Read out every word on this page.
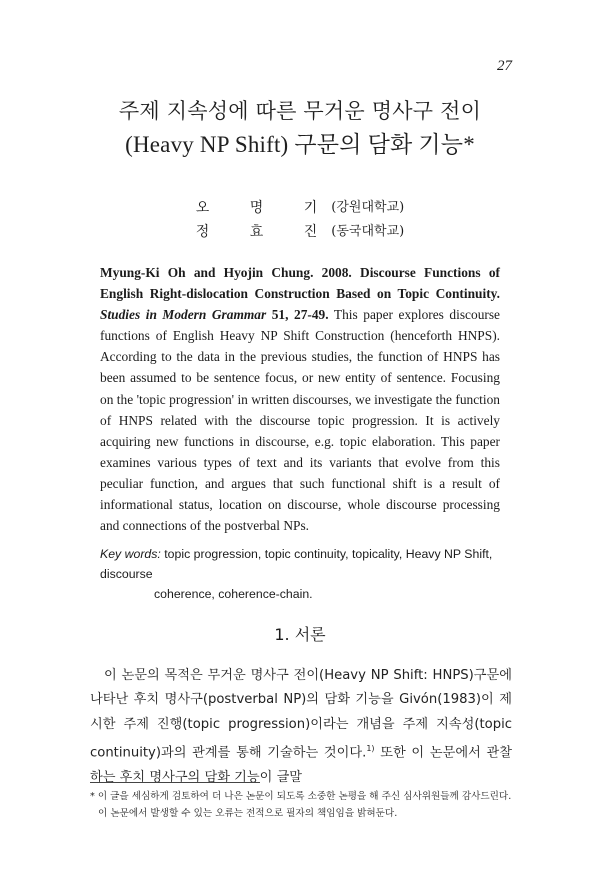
27
주제 지속성에 따른 무거운 명사구 전이
(Heavy NP Shift) 구문의 담화 기능*
오 명 기
(강원대학교)
정 효 진
(동국대학교)
Myung-Ki Oh and Hyojin Chung. 2008. Discourse Functions of English Right-dislocation Construction Based on Topic Continuity. Studies in Modern Grammar 51, 27-49. This paper explores discourse functions of English Heavy NP Shift Construction (henceforth HNPS). According to the data in the previous studies, the function of HNPS has been assumed to be sentence focus, or new entity of sentence. Focusing on the 'topic progression' in written discourses, we investigate the function of HNPS related with the discourse topic progression. It is actively acquiring new functions in discourse, e.g. topic elaboration. This paper examines various types of text and its variants that evolve from this peculiar function, and argues that such functional shift is a result of informational status, location on discourse, whole discourse processing and connections of the postverbal NPs.
Key words: topic progression, topic continuity, topicality, Heavy NP Shift, discourse
coherence, coherence-chain.
1. 서론
이 논문의 목적은 무거운 명사구 전이(Heavy NP Shift: HNPS)구문에 나타난 후치 명사구(postverbal NP)의 담화 기능을 Givón(1983)이 제시한 주제 진행(topic progression)이라는 개념을 주제 지속성(topic continuity)과의 관계를 통해 기술하는 것이다.$^{1)}$ 또한 이 논문에서 관찰하는 후치 명사구의 담화 기능이 글말
* 이 글을 세심하게 검토하여 더 나은 논문이 되도록 소중한 논평을 해 주신 심사위원들께 감사드린다.
이 논문에서 발생할 수 있는 오류는 전적으로 필자의 책임임을 밝혀둔다.
